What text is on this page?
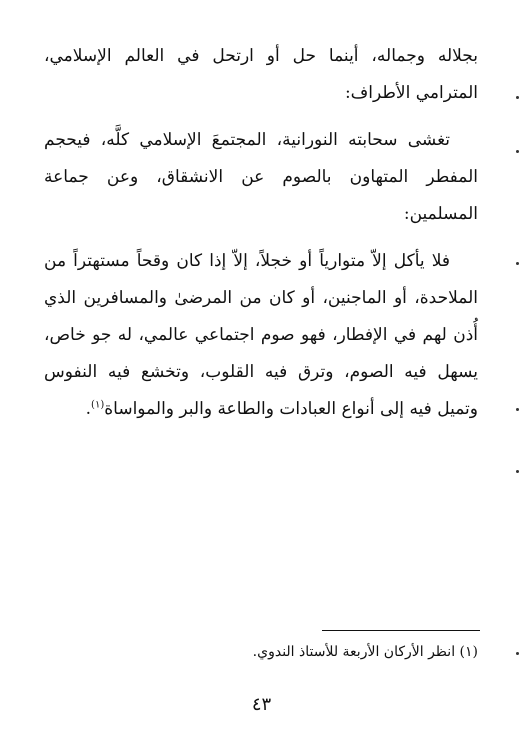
بجلاله وجماله، أينما حل أو ارتحل في العالم الإسلامي، المترامي الأطراف:

تغشى سحابته النورانية، المجتمعَ الإسلامي كلَّه، فيحجم المفطر المتهاون بالصوم عن الانشقاق، وعن جماعة المسلمين:

فلا يأكل إلاّ متوارياً أو خجلاً، إلاّ إذا كان وقحاً مستهتراً من الملاحدة، أو الماجنين، أو كان من المرضىٰ والمسافرين الذي أُذن لهم في الإفطار، فهو صوم اجتماعي عالمي، له جو خاص، يسهل فيه الصوم، وترق فيه القلوب، وتخشع فيه النفوس وتميل فيه إلى أنواع العبادات والطاعة والبر والمواساة$^{(١)}$.

(١) انظر الأركان الأربعة للأستاذ الندوي.
٤٣
